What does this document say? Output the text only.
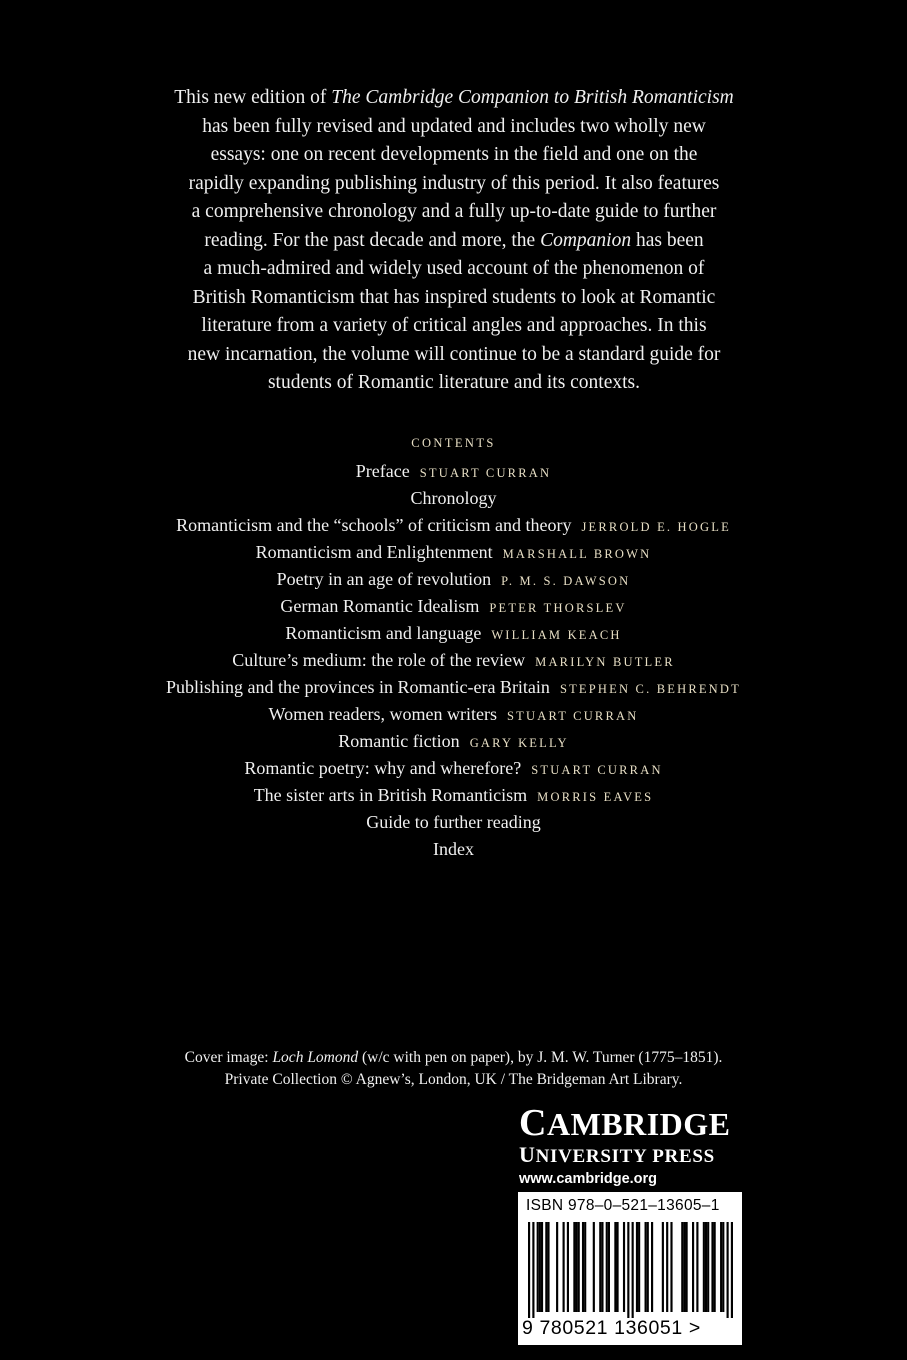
This new edition of The Cambridge Companion to British Romanticism
has been fully revised and updated and includes two wholly new
essays: one on recent developments in the field and one on the
rapidly expanding publishing industry of this period. It also features
a comprehensive chronology and a fully up-to-date guide to further
reading. For the past decade and more, the Companion has been
a much-admired and widely used account of the phenomenon of
British Romanticism that has inspired students to look at Romantic
literature from a variety of critical angles and approaches. In this
new incarnation, the volume will continue to be a standard guide for
students of Romantic literature and its contexts.
CONTENTS
Preface STUART CURRAN
Chronology
Romanticism and the “schools” of criticism and theory JERROLD E. HOGLE
Romanticism and Enlightenment MARSHALL BROWN
Poetry in an age of revolution P. M. S. DAWSON
German Romantic Idealism PETER THORSLEV
Romanticism and language WILLIAM KEACH
Culture’s medium: the role of the review MARILYN BUTLER
Publishing and the provinces in Romantic-era Britain STEPHEN C. BEHRENDT
Women readers, women writers STUART CURRAN
Romantic fiction GARY KELLY
Romantic poetry: why and wherefore? STUART CURRAN
The sister arts in British Romanticism MORRIS EAVES
Guide to further reading
Index
Cover image: Loch Lomond (w/c with pen on paper), by J. M. W. Turner (1775–1851).
Private Collection © Agnew’s, London, UK / The Bridgeman Art Library.
CAMBRIDGE
UNIVERSITY PRESS
www.cambridge.org
ISBN 978–0–521–13605–1
9 780521 136051 >
